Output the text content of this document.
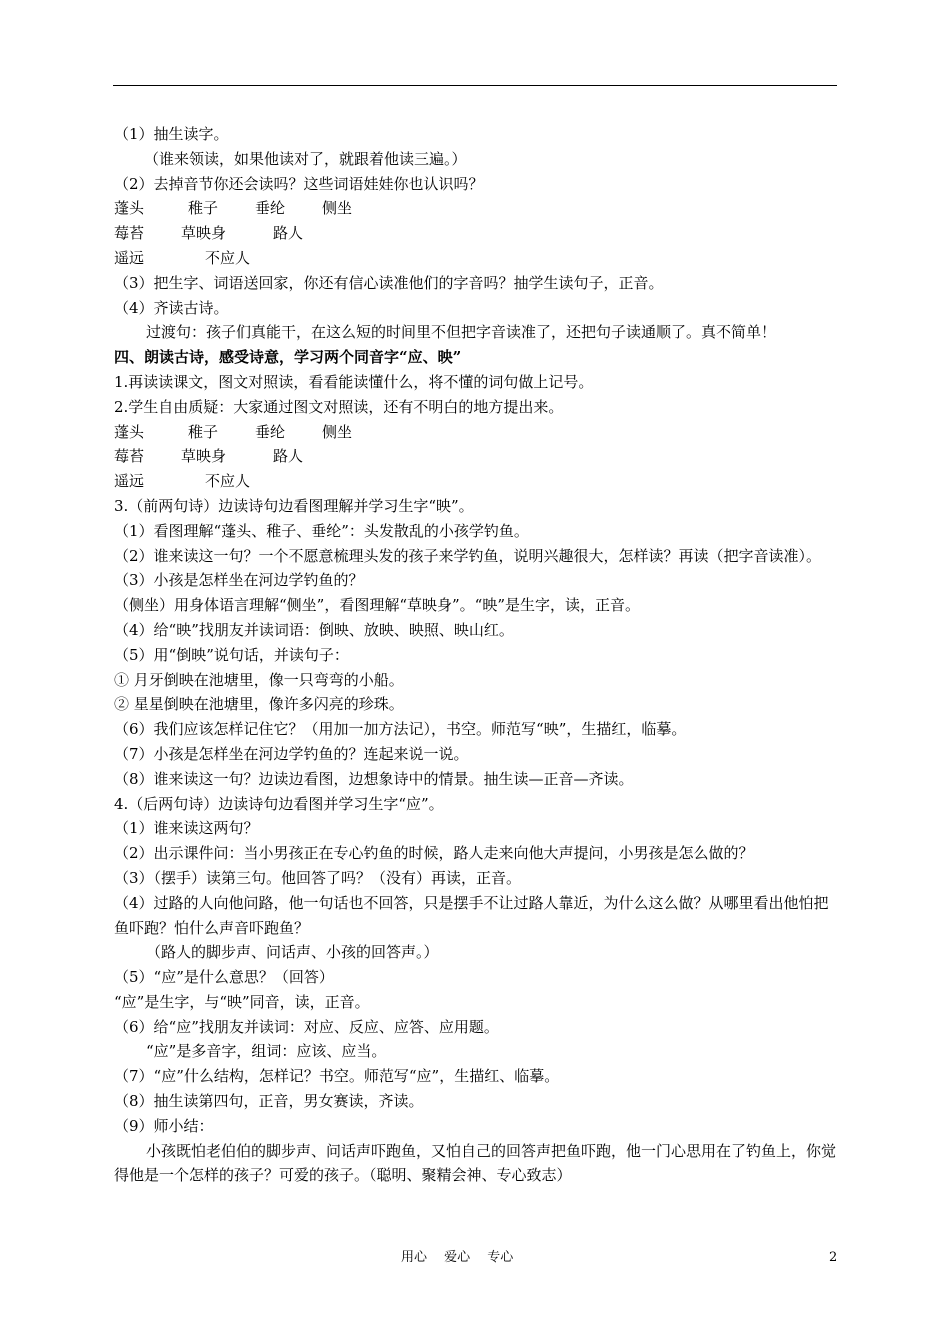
（1）抽生读字。
（谁来领读，如果他读对了，就跟着他读三遍。）
（2）去掉音节你还会读吗？这些词语娃娃你也认识吗？
蓬头	稚子	垂纶	侧坐
莓苔	草映身	路人
遥远	不应人
（3）把生字、词语送回家，你还有信心读准他们的字音吗？抽学生读句子，正音。
（4）齐读古诗。
过渡句：孩子们真能干，在这么短的时间里不但把字音读准了，还把句子读通顺了。真不简单！
四、朗读古诗，感受诗意，学习两个同音字“应、映”
1.再读读课文，图文对照读，看看能读懂什么，将不懂的词句做上记号。
2.学生自由质疑：大家通过图文对照读，还有不明白的地方提出来。
蓬头	稚子	垂纶	侧坐
莓苔	草映身	路人
遥远	不应人
3.（前两句诗）边读诗句边看图理解并学习生字“映”。
（1）看图理解“蓬头、稚子、垂纶”：头发散乱的小孩学钓鱼。
（2）谁来读这一句？一个不愿意梳理头发的孩子来学钓鱼，说明兴趣很大，怎样读？再读（把字音读准）。
（3）小孩是怎样坐在河边学钓鱼的？
（侧坐）用身体语言理解“侧坐”，看图理解“草映身”。“映”是生字，读，正音。
（4）给“映”找朋友并读词语：倒映、放映、映照、映山红。
（5）用“倒映”说句话，并读句子：
① 月牙倒映在池塘里，像一只弯弯的小船。
② 星星倒映在池塘里，像许多闪亮的珍珠。
（6）我们应该怎样记住它？（用加一加方法记），书空。师范写“映”，生描红，临摹。
（7）小孩是怎样坐在河边学钓鱼的？连起来说一说。
（8）谁来读这一句？边读边看图，边想象诗中的情景。抽生读—正音—齐读。
4.（后两句诗）边读诗句边看图并学习生字“应”。
（1）谁来读这两句？
（2）出示课件问：当小男孩正在专心钓鱼的时候，路人走来向他大声提问，小男孩是怎么做的？
（3）（摆手）读第三句。他回答了吗？（没有）再读，正音。
（4）过路的人向他问路，他一句话也不回答，只是摆手不让过路人靠近，为什么这么做？从哪里看出他怕把鱼吓跑？怕什么声音吓跑鱼？
（路人的脚步声、问话声、小孩的回答声。）
（5）“应”是什么意思？（回答）
“应”是生字，与“映”同音，读，正音。
（6）给“应”找朋友并读词：对应、反应、应答、应用题。
“应”是多音字，组词：应该、应当。
（7）“应”什么结构，怎样记？书空。师范写“应”，生描红、临摹。
（8）抽生读第四句，正音，男女赛读，齐读。
（9）师小结：
小孩既怕老伯伯的脚步声、问话声吓跑鱼，又怕自己的回答声把鱼吓跑，他一门心思用在了钓鱼上，你觉得他是一个怎样的孩子？可爱的孩子。（聪明、聚精会神、专心致志）
用心　 爱心　 专心	2
